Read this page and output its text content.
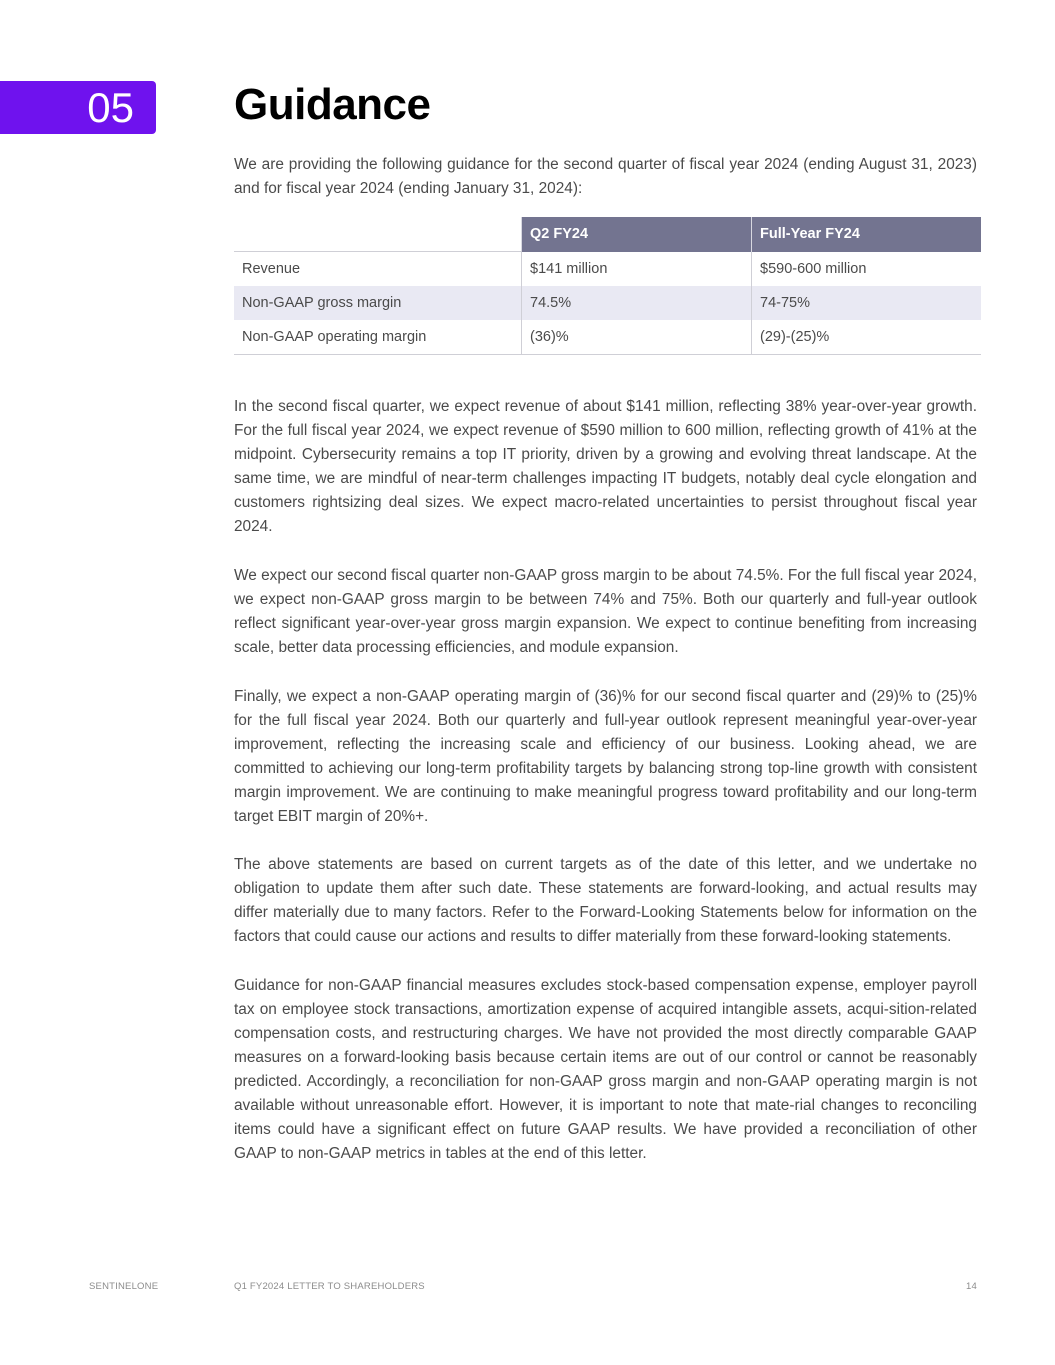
05	Guidance

We are providing the following guidance for the second quarter of fiscal year 2024 (ending August 31, 2023) and for fiscal year 2024 (ending January 31, 2024):

	Q2 FY24	Full-Year FY24
Revenue	$141 million	$590-600 million
Non-GAAP gross margin	74.5%	74-75%
Non-GAAP operating margin	(36)%	(29)-(25)%

In the second fiscal quarter, we expect revenue of about $141 million, reflecting 38% year-over-year growth. For the full fiscal year 2024, we expect revenue of $590 million to 600 million, reflecting growth of 41% at the midpoint. Cybersecurity remains a top IT priority, driven by a growing and evolving threat landscape. At the same time, we are mindful of near-term challenges impacting IT budgets, notably deal cycle elongation and customers rightsizing deal sizes. We expect macro-related uncertainties to persist throughout fiscal year 2024.

We expect our second fiscal quarter non-GAAP gross margin to be about 74.5%. For the full fiscal year 2024, we expect non-GAAP gross margin to be between 74% and 75%. Both our quarterly and full-year outlook reflect significant year-over-year gross margin expansion. We expect to continue benefiting from increasing scale, better data processing efficiencies, and module expansion.

Finally, we expect a non-GAAP operating margin of (36)% for our second fiscal quarter and (29)% to (25)% for the full fiscal year 2024. Both our quarterly and full-year outlook represent meaningful year-over-year improvement, reflecting the increasing scale and efficiency of our business. Looking ahead, we are committed to achieving our long-term profitability targets by balancing strong top-line growth with consistent margin improvement. We are continuing to make meaningful progress toward profitability and our long-term target EBIT margin of 20%+.

The above statements are based on current targets as of the date of this letter, and we undertake no obligation to update them after such date. These statements are forward-looking, and actual results may differ materially due to many factors. Refer to the Forward-Looking Statements below for information on the factors that could cause our actions and results to differ materially from these forward-looking statements.

Guidance for non-GAAP financial measures excludes stock-based compensation expense, employer payroll tax on employee stock transactions, amortization expense of acquired intangible assets, acqui-sition-related compensation costs, and restructuring charges. We have not provided the most directly comparable GAAP measures on a forward-looking basis because certain items are out of our control or cannot be reasonably predicted. Accordingly, a reconciliation for non-GAAP gross margin and non-GAAP operating margin is not available without unreasonable effort. However, it is important to note that mate-rial changes to reconciling items could have a significant effect on future GAAP results. We have provided a reconciliation of other GAAP to non-GAAP metrics in tables at the end of this letter.

SENTINELONE	Q1 FY2024 LETTER TO SHAREHOLDERS	14
